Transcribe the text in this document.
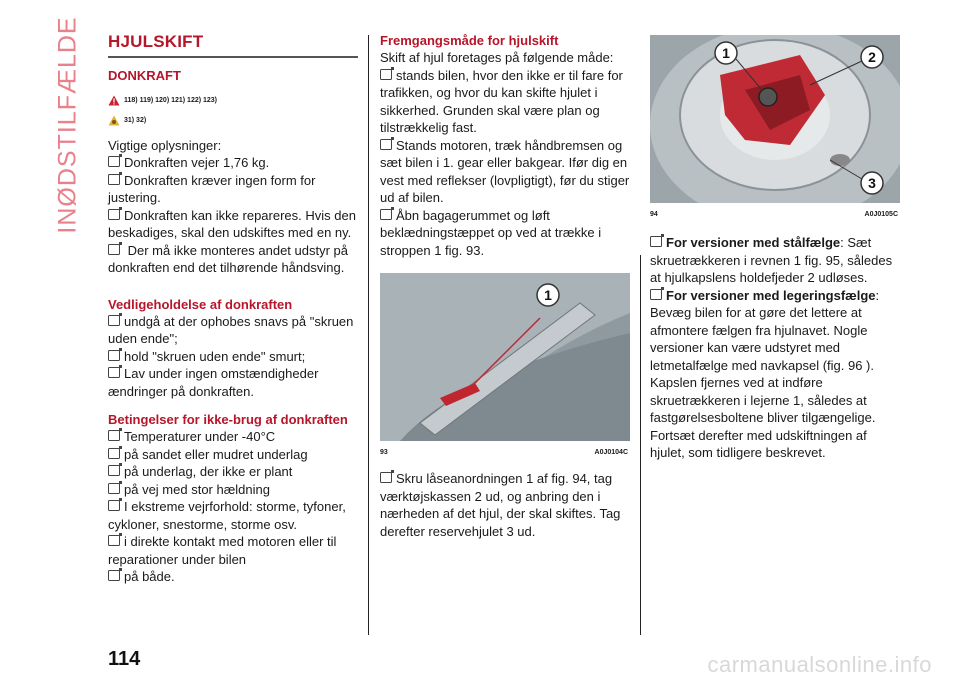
INØDSTILFÆLDE HJULSKIFT
DONKRAFT
118) 119) 120) 121) 122) 123)
31) 32)

Vigtige oplysninger:

Donkraften vejer 1,76 kg.
Donkraften kræver ingen form for justering.
Donkraften kan ikke repareres. Hvis den beskadiges, skal den udskiftes med en ny.
Der må ikke monteres andet udstyr på donkraften end det tilhørende håndsving.
Vedligeholdelse af donkraften
undgå at der ophobes snavs på "skruen uden ende";
hold "skruen uden ende" smurt;
Lav under ingen omstændigheder ændringer på donkraften.
Betingelser for ikke-brug af donkraften
Temperaturer under -40°C
på sandet eller mudret underlag
på underlag, der ikke er plant
på vej med stor hældning
I ekstreme vejrforhold: storme, tyfoner, cykloner, snestorme, storme osv.
i direkte kontakt med motoren eller til reparationer under bilen
på både.
Fremgangsmåde for hjulskift

Skift af hjul foretages på følgende måde:

stands bilen, hvor den ikke er til fare for trafikken, og hvor du kan skifte hjulet i sikkerhed. Grunden skal være plan og tilstrækkelig fast.
Stands motoren, træk håndbremsen og sæt bilen i 1. gear eller bakgear. Ifør dig en vest med reflekser (lovpligtigt), før du stiger ud af bilen.
Åbn bagagerummet og løft beklædningstæppet op ved at trække i stroppen 1 fig. 93.
1
93	A0J0104C
Skru låseanordningen 1 af fig. 94, tag værktøjskassen 2 ud, og anbring den i nærheden af det hjul, der skal skiftes. Tag derefter reservehjulet 3 ud.
1	2
3
94	A0J0105C
For versioner med stålfælge: Sæt skruetrækkeren i revnen 1 fig. 95, således at hjulkapslens holdefjeder 2 udløses.
For versioner med legeringsfælge: Bevæg bilen for at gøre det lettere at afmontere fælgen fra hjulnavet. Nogle versioner kan være udstyret med letmetalfælge med navkapsel (fig. 96 ). Kapslen fjernes ved at indføre skruetrækkeren i lejerne 1, således at fastgørelsesboltene bliver tilgængelige. Fortsæt derefter med udskiftningen af hjulet, som tidligere beskrevet.
114	carmanualsonline.info
